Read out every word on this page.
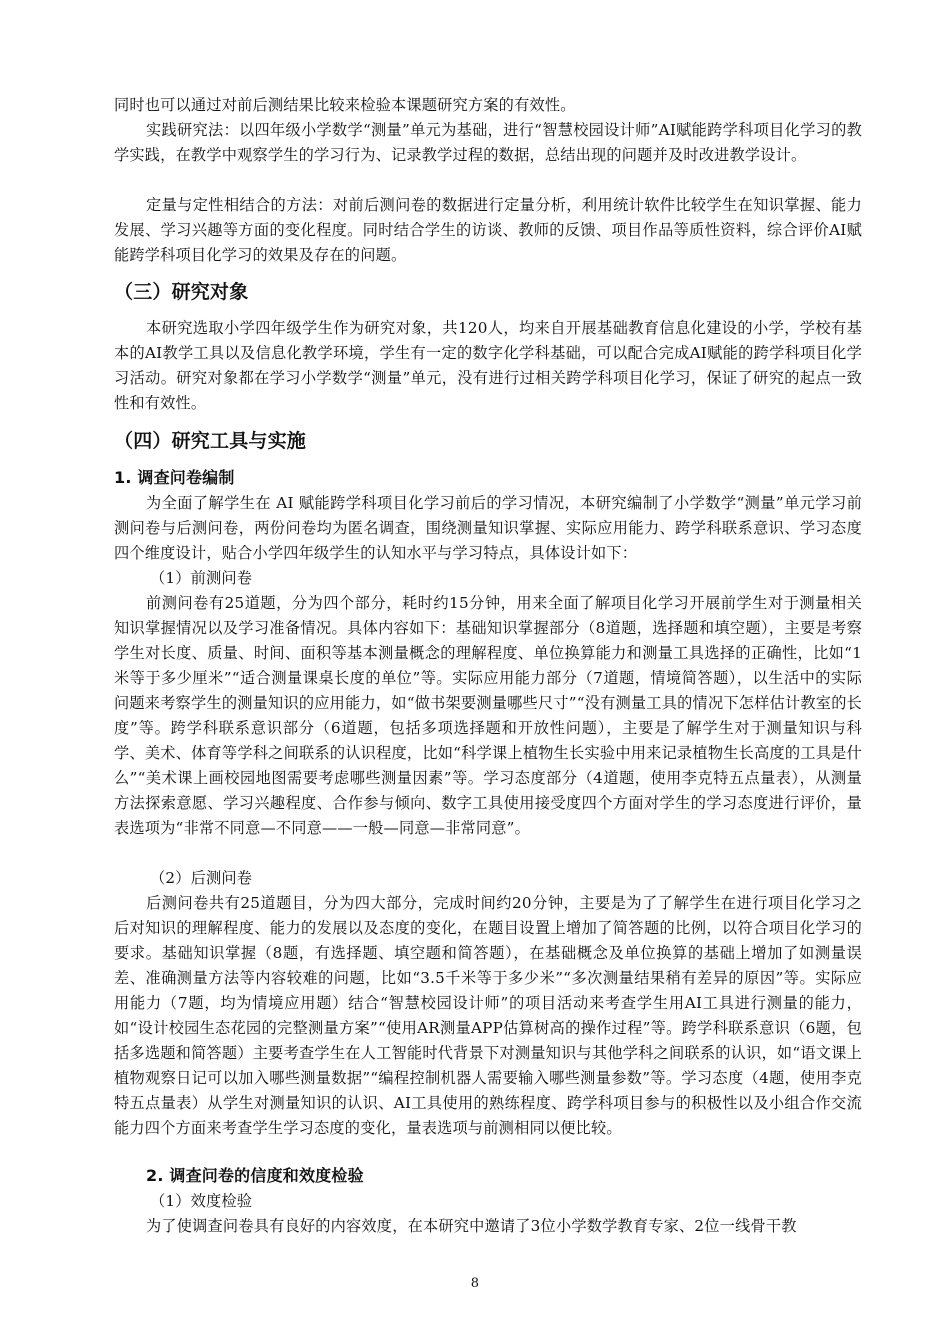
同时也可以通过对前后测结果比较来检验本课题研究方案的有效性。

实践研究法：以四年级小学数学“测量”单元为基础，进行“智慧校园设计师”AI赋能跨学科项目化学习的教学实践，在教学中观察学生的学习行为、记录教学过程的数据，总结出现的问题并及时改进教学设计。

定量与定性相结合的方法：对前后测问卷的数据进行定量分析，利用统计软件比较学生在知识掌握、能力发展、学习兴趣等方面的变化程度。同时结合学生的访谈、教师的反馈、项目作品等质性资料，综合评价AI赋能跨学科项目化学习的效果及存在的问题。

（三）研究对象

本研究选取小学四年级学生作为研究对象，共120人，均来自开展基础教育信息化建设的小学，学校有基本的AI教学工具以及信息化教学环境，学生有一定的数字化学科基础，可以配合完成AI赋能的跨学科项目化学习活动。研究对象都在学习小学数学“测量”单元，没有进行过相关跨学科项目化学习，保证了研究的起点一致性和有效性。

（四）研究工具与实施
1. 调查问卷编制

为全面了解学生在 AI 赋能跨学科项目化学习前后的学习情况，本研究编制了小学数学“测量”单元学习前测问卷与后测问卷，两份问卷均为匿名调查，围绕测量知识掌握、实际应用能力、跨学科联系意识、学习态度四个维度设计，贴合小学四年级学生的认知水平与学习特点，具体设计如下：

（1）前测问卷

前测问卷有25道题，分为四个部分，耗时约15分钟，用来全面了解项目化学习开展前学生对于测量相关知识掌握情况以及学习准备情况。具体内容如下：基础知识掌握部分（8道题，选择题和填空题），主要是考察学生对长度、质量、时间、面积等基本测量概念的理解程度、单位换算能力和测量工具选择的正确性，比如“1米等于多少厘米”“适合测量课桌长度的单位”等。实际应用能力部分（7道题，情境简答题），以生活中的实际问题来考察学生的测量知识的应用能力，如“做书架要测量哪些尺寸”“没有测量工具的情况下怎样估计教室的长度”等。跨学科联系意识部分（6道题，包括多项选择题和开放性问题），主要是了解学生对于测量知识与科学、美术、体育等学科之间联系的认识程度，比如“科学课上植物生长实验中用来记录植物生长高度的工具是什么”“美术课上画校园地图需要考虑哪些测量因素”等。学习态度部分（4道题，使用李克特五点量表），从测量方法探索意愿、学习兴趣程度、合作参与倾向、数字工具使用接受度四个方面对学生的学习态度进行评价，量表选项为“非常不同意—不同意——一般—同意—非常同意”。

（2）后测问卷

后测问卷共有25道题目，分为四大部分，完成时间约20分钟，主要是为了了解学生在进行项目化学习之后对知识的理解程度、能力的发展以及态度的变化，在题目设置上增加了简答题的比例，以符合项目化学习的要求。基础知识掌握（8题，有选择题、填空题和简答题），在基础概念及单位换算的基础上增加了如测量误差、准确测量方法等内容较难的问题，比如“3.5千米等于多少米”“多次测量结果稍有差异的原因”等。实际应用能力（7题，均为情境应用题）结合“智慧校园设计师”的项目活动来考查学生用AI工具进行测量的能力，如“设计校园生态花园的完整测量方案”“使用AR测量APP估算树高的操作过程”等。跨学科联系意识（6题，包括多选题和简答题）主要考查学生在人工智能时代背景下对测量知识与其他学科之间联系的认识，如“语文课上植物观察日记可以加入哪些测量数据”“编程控制机器人需要输入哪些测量参数”等。学习态度（4题，使用李克特五点量表）从学生对测量知识的认识、AI工具使用的熟练程度、跨学科项目参与的积极性以及小组合作交流能力四个方面来考查学生学习态度的变化，量表选项与前测相同以便比较。

2. 调查问卷的信度和效度检验

（1）效度检验

为了使调查问卷具有良好的内容效度，在本研究中邀请了3位小学数学教育专家、2位一线骨干教

8
